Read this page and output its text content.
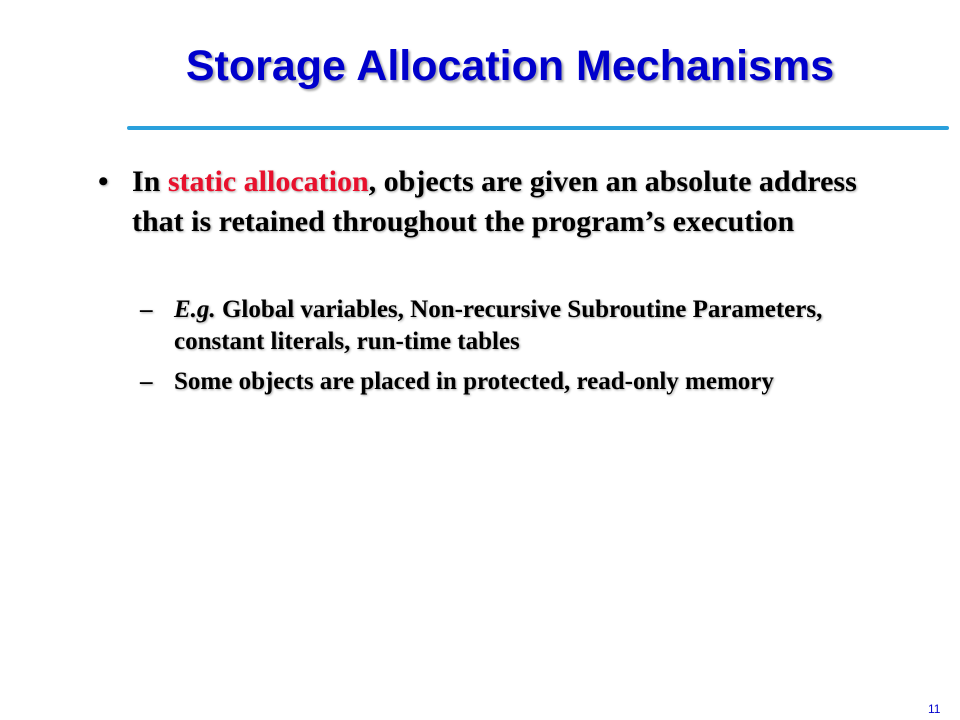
Storage Allocation Mechanisms
• In static allocation, objects are given an absolute address that is retained throughout the program’s execution
– E.g. Global variables, Non-recursive Subroutine Parameters, constant literals, run-time tables
– Some objects are placed in protected, read-only memory
11
